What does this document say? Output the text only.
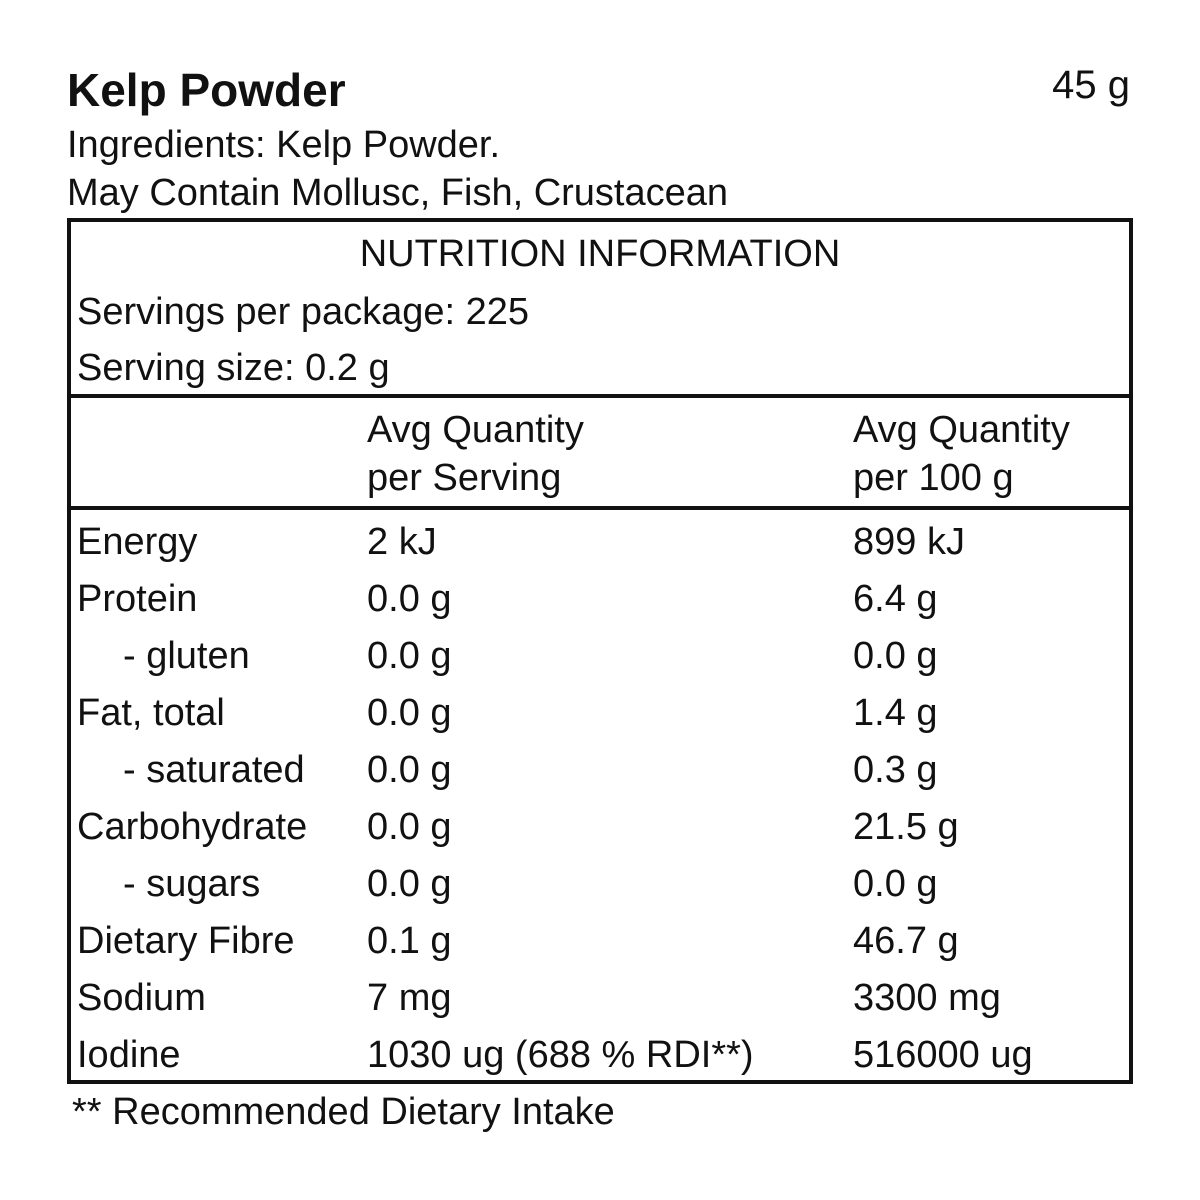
Kelp Powder	45 g
Ingredients: Kelp Powder.
May Contain Mollusc, Fish, Crustacean
NUTRITION INFORMATION
Servings per package: 225
Serving size: 0.2 g
Avg Quantity
per Serving
Avg Quantity
per 100 g
Energy	2 kJ	899 kJ
Protein	0.0 g	6.4 g
- gluten	0.0 g	0.0 g
Fat, total	0.0 g	1.4 g
- saturated 0.0 g	0.3 g
Carbohydrate 0.0 g	21.5 g
- sugars	0.0 g	0.0 g
Dietary Fibre 0.1 g	46.7 g
Sodium	7 mg	3300 mg
Iodine	1030 ug (688 % RDI**)	516000 ug
** Recommended Dietary Intake
